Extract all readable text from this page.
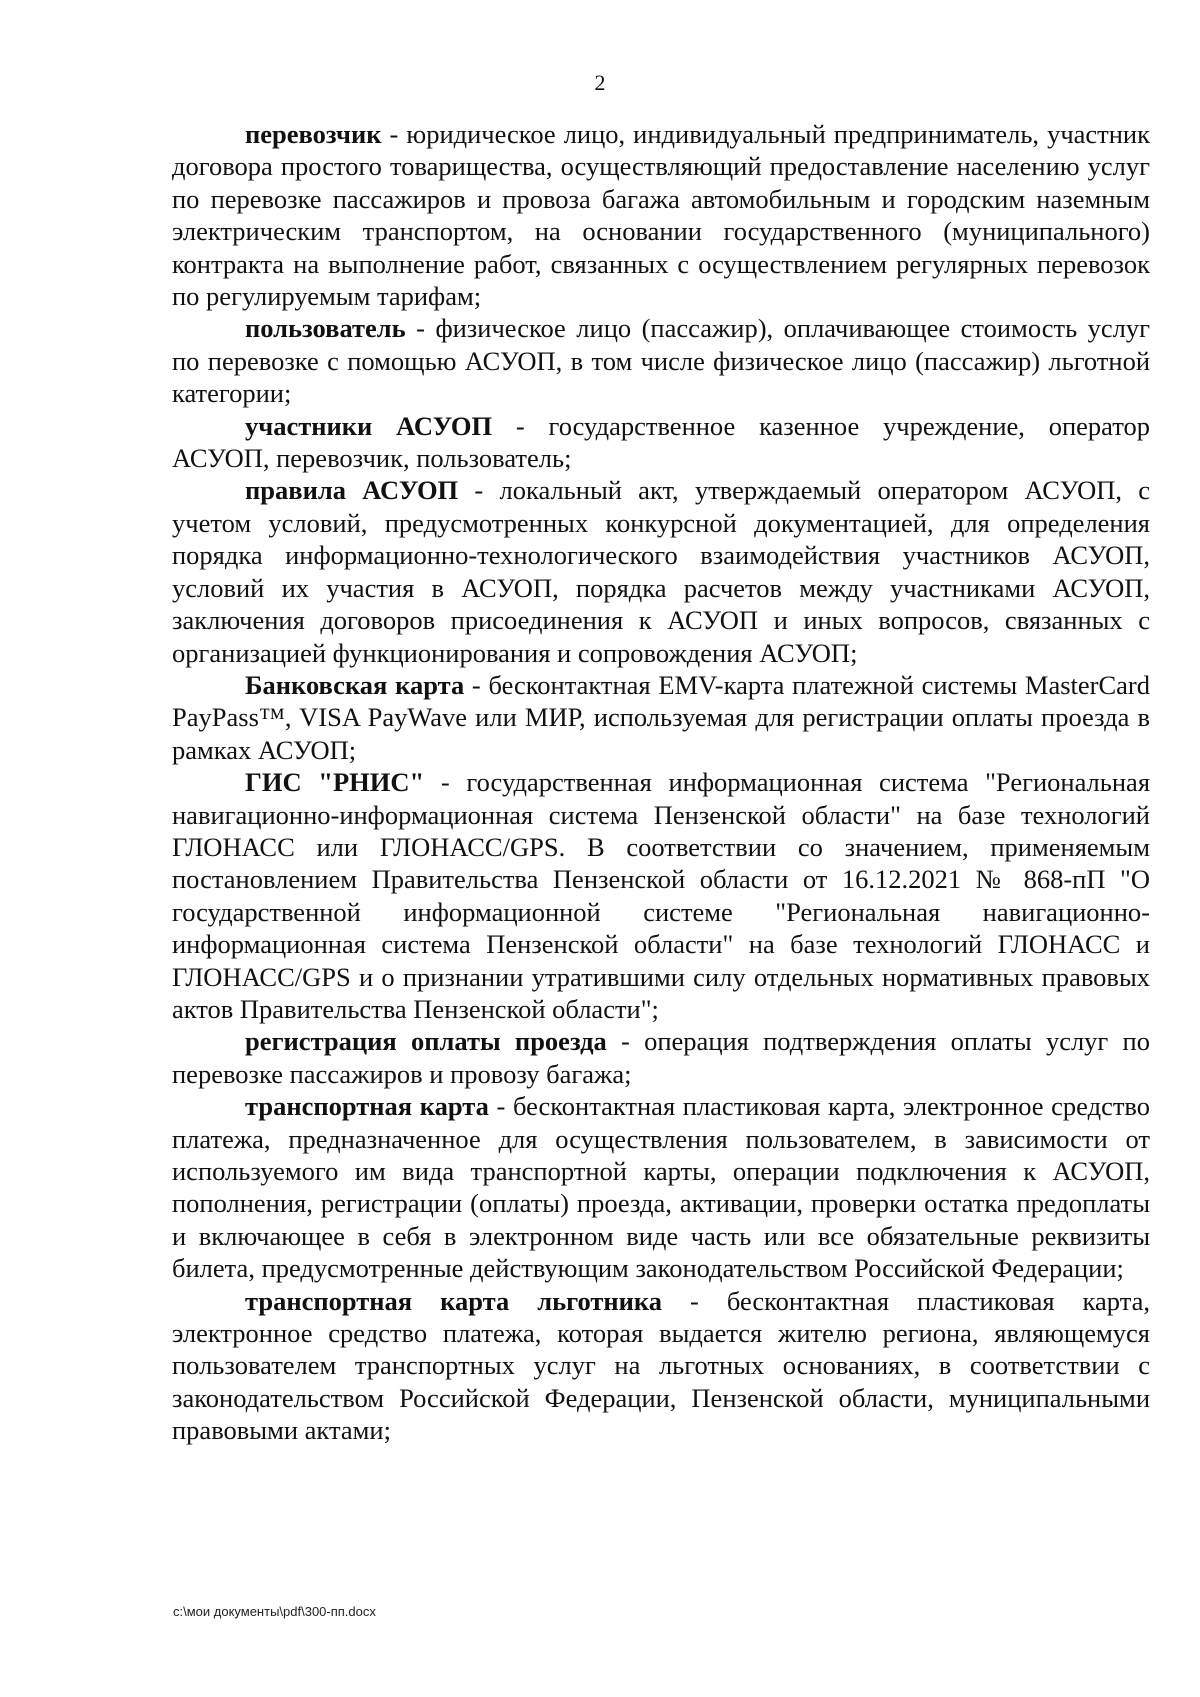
2

перевозчик - юридическое лицо, индивидуальный предприниматель, участник договора простого товарищества, осуществляющий предоставление населению услуг по перевозке пассажиров и провоза багажа автомобильным и городским наземным электрическим транспортом, на основании государственного (муниципального) контракта на выполнение работ, связанных с осуществлением регулярных перевозок по регулируемым тарифам;

пользователь - физическое лицо (пассажир), оплачивающее стоимость услуг по перевозке с помощью АСУОП, в том числе физическое лицо (пассажир) льготной категории;

участники АСУОП - государственное казенное учреждение, оператор АСУОП, перевозчик, пользователь;

правила АСУОП - локальный акт, утверждаемый оператором АСУОП, с учетом условий, предусмотренных конкурсной документацией, для определения порядка информационно-технологического взаимодействия участников АСУОП, условий их участия в АСУОП, порядка расчетов между участниками АСУОП, заключения договоров присоединения к АСУОП и иных вопросов, связанных с организацией функционирования и сопровождения АСУОП;

Банковская карта - бесконтактная EMV-карта платежной системы MasterCard PayPass™, VISA PayWave или МИР, используемая для регистрации оплаты проезда в рамках АСУОП;

ГИС "РНИС" - государственная информационная система "Региональная навигационно-информационная система Пензенской области" на базе технологий ГЛОНАСС или ГЛОНАСС/GPS. В соответствии со значением, применяемым постановлением Правительства Пензенской области от 16.12.2021 № 868-пП "О государственной информационной системе "Региональная навигационно-информационная система Пензенской области" на базе технологий ГЛОНАСС и ГЛОНАСС/GPS и о признании утратившими силу отдельных нормативных правовых актов Правительства Пензенской области";

регистрация оплаты проезда - операция подтверждения оплаты услуг по перевозке пассажиров и провозу багажа;

транспортная карта - бесконтактная пластиковая карта, электронное средство платежа, предназначенное для осуществления пользователем, в зависимости от используемого им вида транспортной карты, операции подключения к АСУОП, пополнения, регистрации (оплаты) проезда, активации, проверки остатка предоплаты и включающее в себя в электронном виде часть или все обязательные реквизиты билета, предусмотренные действующим законодательством Российской Федерации;

транспортная карта льготника - бесконтактная пластиковая карта, электронное средство платежа, которая выдается жителю региона, являющемуся пользователем транспортных услуг на льготных основаниях, в соответствии с законодательством Российской Федерации, Пензенской области, муниципальными правовыми актами;

c:\мои документы\pdf\300-пп.docx
